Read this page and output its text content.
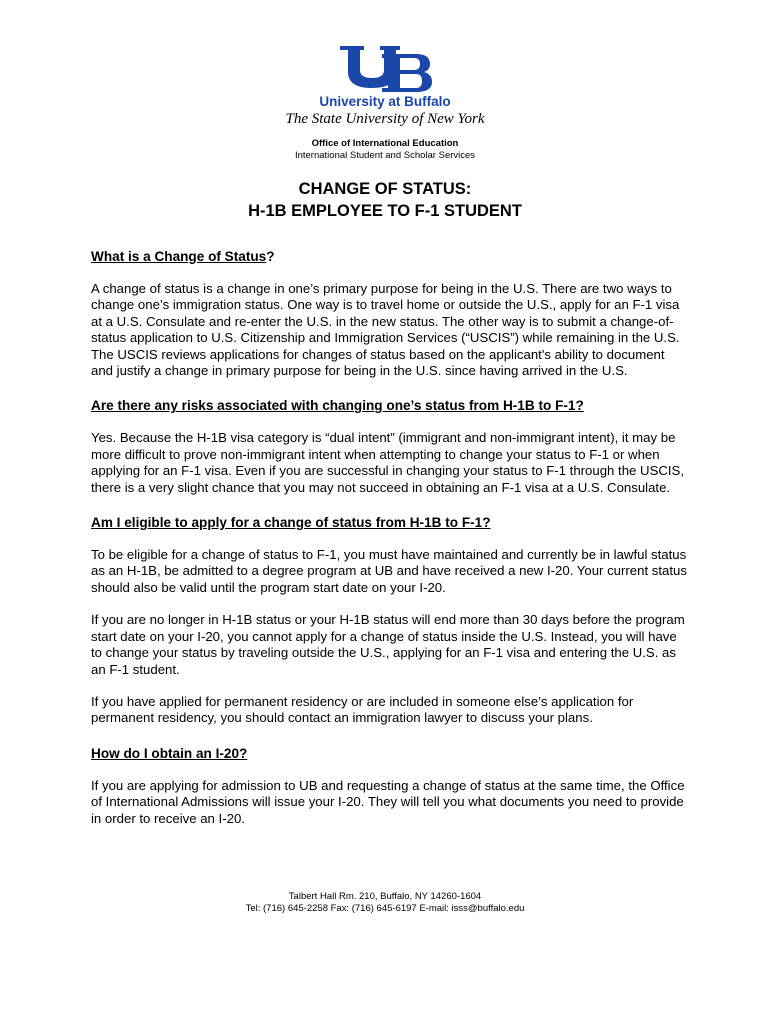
University at Buffalo
The State University of New York
Office of International Education
International Student and Scholar Services
CHANGE OF STATUS:
H-1B EMPLOYEE TO F-1 STUDENT
What is a Change of Status?

A change of status is a change in one’s primary purpose for being in the U.S. There are two ways to change one’s immigration status. One way is to travel home or outside the U.S., apply for an F-1 visa at a U.S. Consulate and re-enter the U.S. in the new status. The other way is to submit a change-of-status application to U.S. Citizenship and Immigration Services (“USCIS”) while remaining in the U.S. The USCIS reviews applications for changes of status based on the applicant's ability to document and justify a change in primary purpose for being in the U.S. since having arrived in the U.S.

Are there any risks associated with changing one’s status from H-1B to F-1?

Yes. Because the H-1B visa category is “dual intent” (immigrant and non-immigrant intent), it may be more difficult to prove non-immigrant intent when attempting to change your status to F-1 or when applying for an F-1 visa. Even if you are successful in changing your status to F-1 through the USCIS, there is a very slight chance that you may not succeed in obtaining an F-1 visa at a U.S. Consulate.

Am I eligible to apply for a change of status from H-1B to F-1?

To be eligible for a change of status to F-1, you must have maintained and currently be in lawful status as an H-1B, be admitted to a degree program at UB and have received a new I-20. Your current status should also be valid until the program start date on your I-20.

If you are no longer in H-1B status or your H-1B status will end more than 30 days before the program start date on your I-20, you cannot apply for a change of status inside the U.S. Instead, you will have to change your status by traveling outside the U.S., applying for an F-1 visa and entering the U.S. as an F-1 student.

If you have applied for permanent residency or are included in someone else’s application for permanent residency, you should contact an immigration lawyer to discuss your plans.

How do I obtain an I-20?

If you are applying for admission to UB and requesting a change of status at the same time, the Office of International Admissions will issue your I-20. They will tell you what documents you need to provide in order to receive an I-20.

Talbert Hall Rm. 210, Buffalo, NY 14260-1604
Tel: (716) 645-2258 Fax: (716) 645-6197 E-mail: isss@buffalo.edu
